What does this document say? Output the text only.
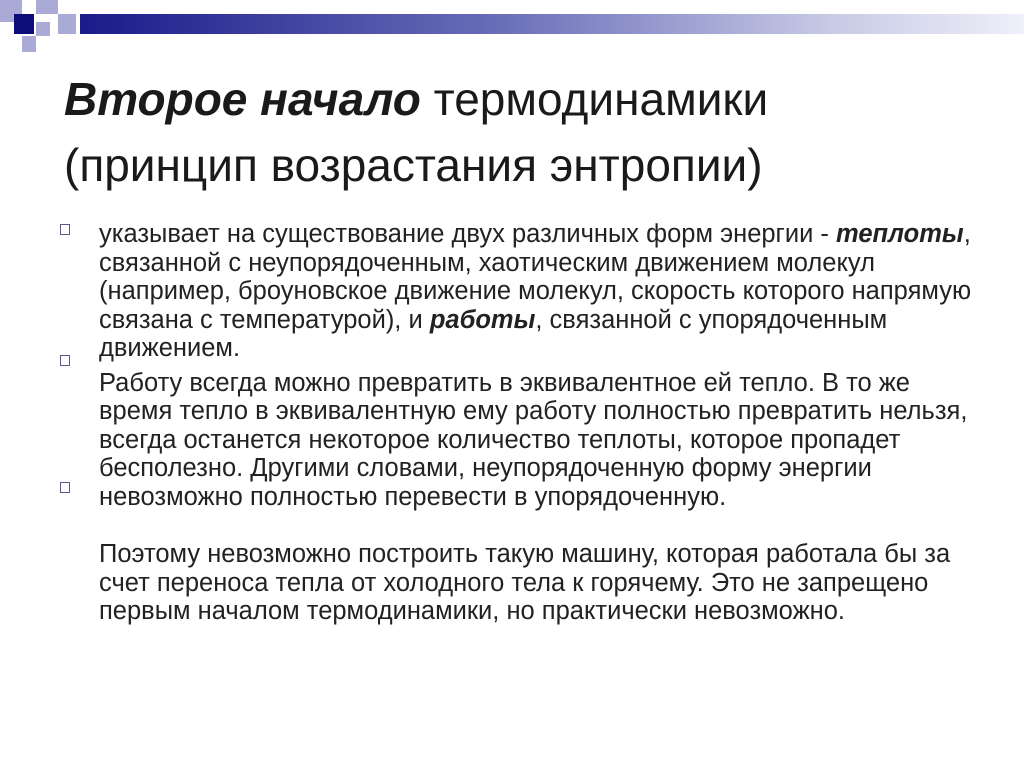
Второе начало термодинамики
(принцип возрастания энтропии)
указывает на существование двух различных форм энергии - теплоты, связанной с неупорядоченным, хаотическим движением молекул (например, броуновское движение молекул, скорость которого напрямую связана с температурой), и работы, связанной с упорядоченным движением.
Работу всегда можно превратить в эквивалентное ей тепло. В то же время тепло в эквивалентную ему работу полностью превратить нельзя, всегда останется некоторое количество теплоты, которое пропадет бесполезно. Другими словами, неупорядоченную форму энергии невозможно полностью перевести в упорядоченную.
Поэтому невозможно построить такую машину, которая работала бы за счет переноса тепла от холодного тела к горячему. Это не запрещено первым началом термодинамики, но практически невозможно.
